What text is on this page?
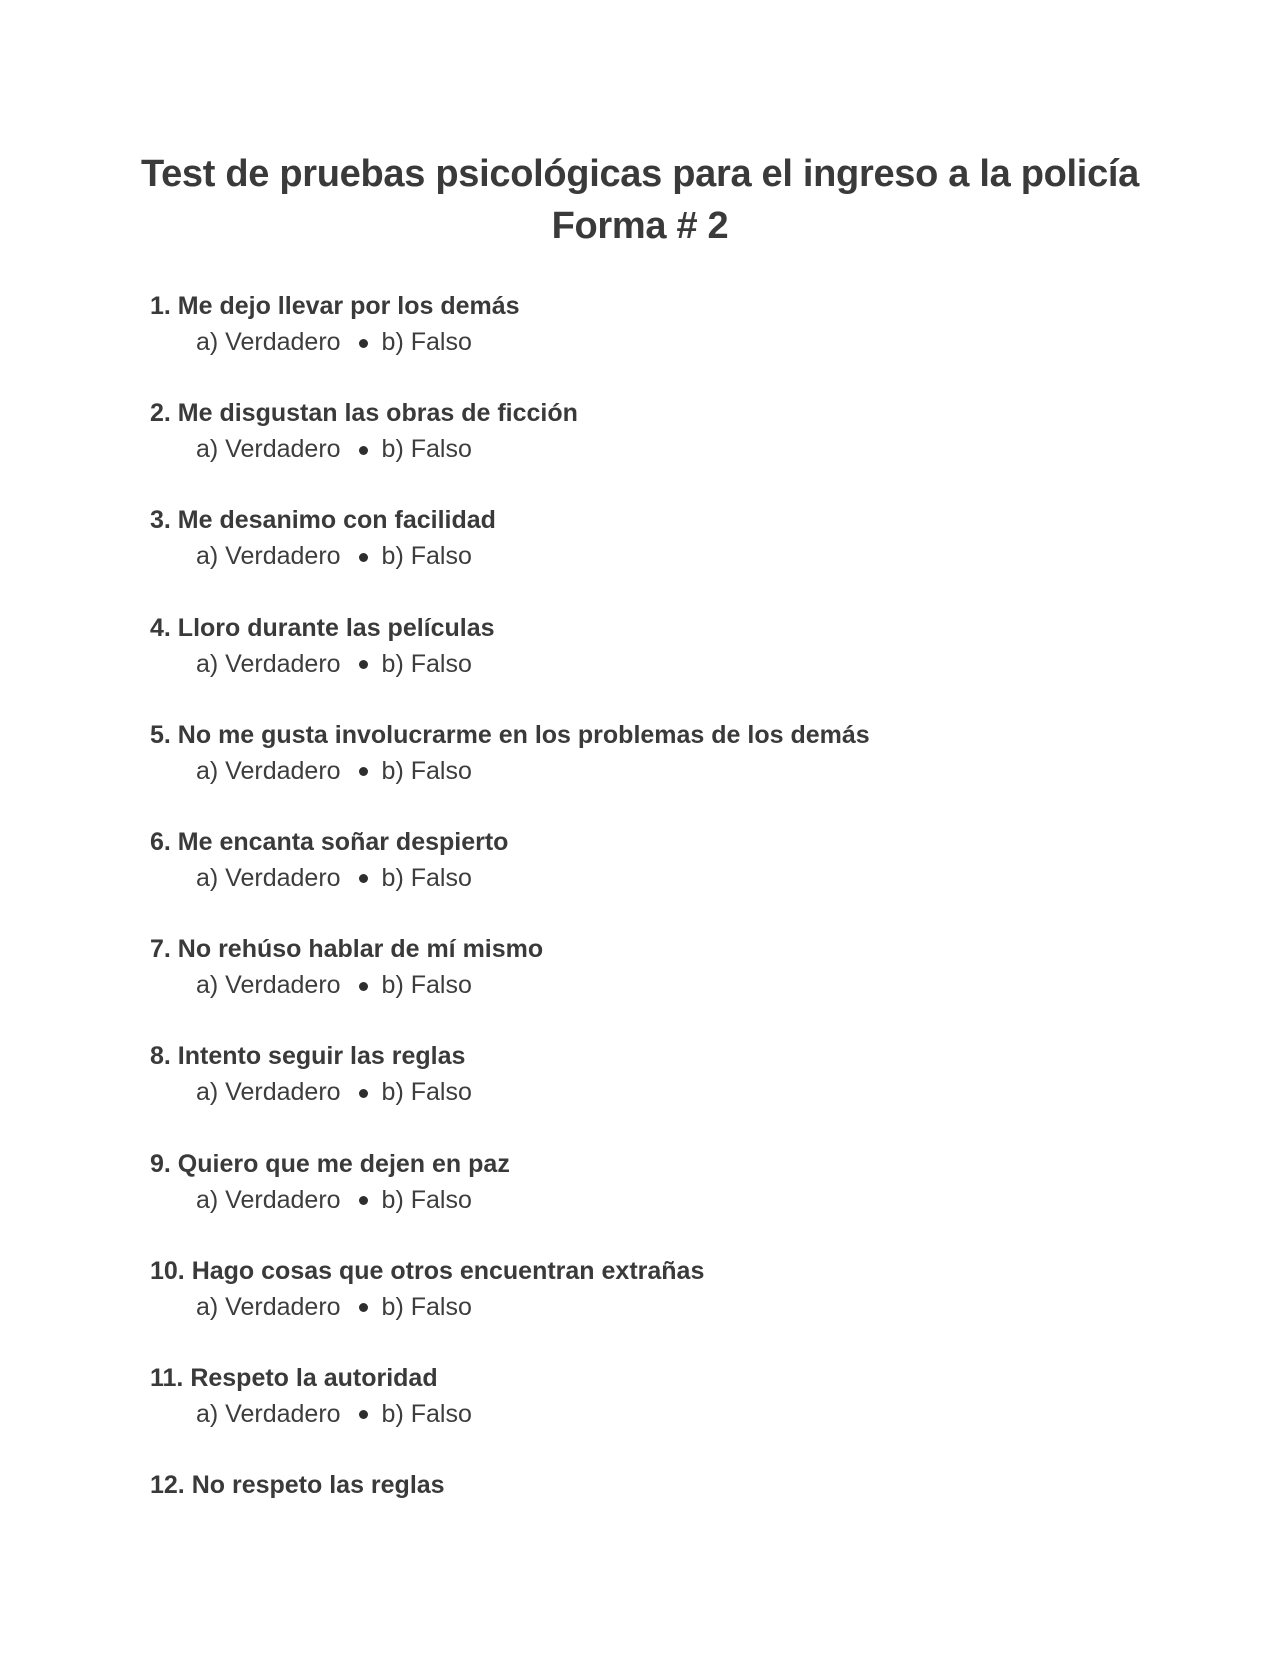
Test de pruebas psicológicas para el ingreso a la policía
Forma # 2
1. Me dejo llevar por los demás
a) Verdadero b) Falso
2. Me disgustan las obras de ficción
a) Verdadero b) Falso
3. Me desanimo con facilidad
a) Verdadero b) Falso
4. Lloro durante las películas
a) Verdadero b) Falso
5. No me gusta involucrarme en los problemas de los demás
a) Verdadero b) Falso
6. Me encanta soñar despierto
a) Verdadero b) Falso
7. No rehúso hablar de mí mismo
a) Verdadero b) Falso
8. Intento seguir las reglas
a) Verdadero b) Falso
9. Quiero que me dejen en paz
a) Verdadero b) Falso
10. Hago cosas que otros encuentran extrañas
a) Verdadero b) Falso
11. Respeto la autoridad
a) Verdadero b) Falso
12. No respeto las reglas
